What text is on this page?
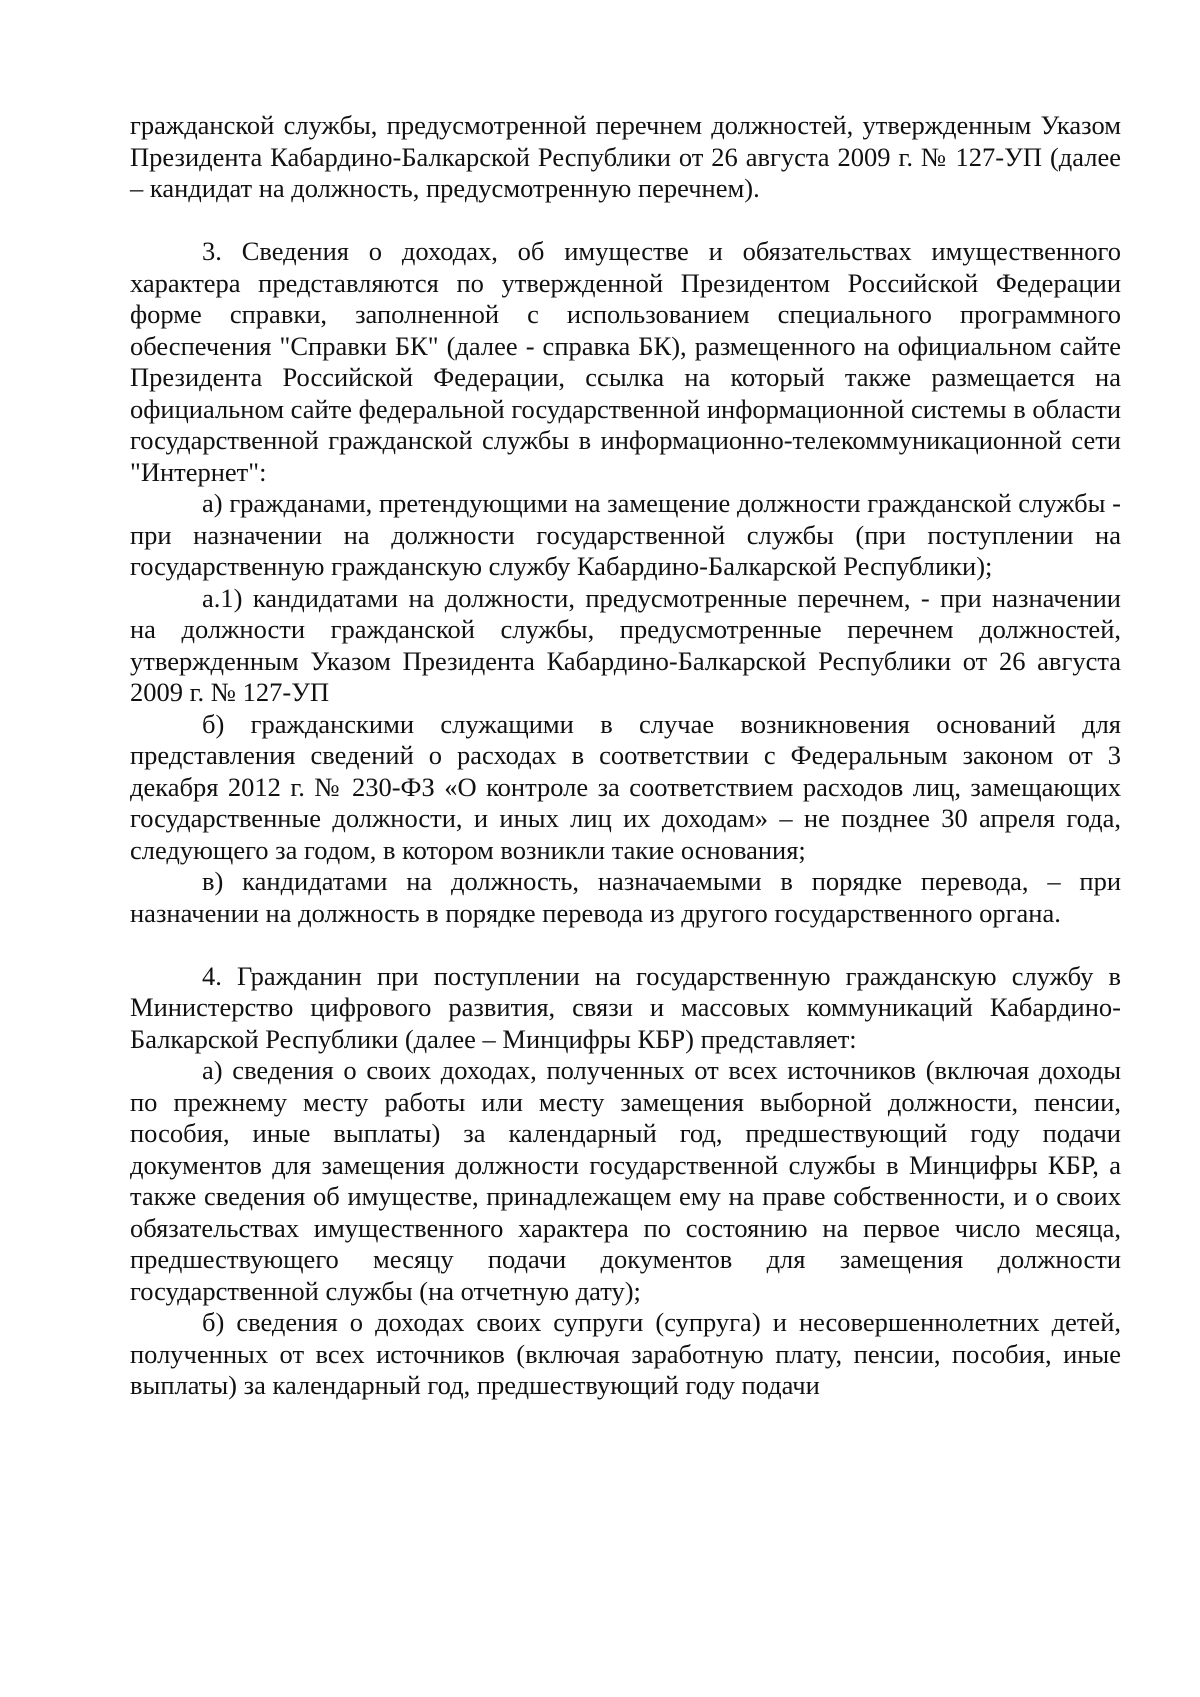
гражданской службы, предусмотренной перечнем должностей, утвержденным Указом Президента Кабардино-Балкарской Республики от 26 августа 2009 г. № 127-УП (далее – кандидат на должность, предусмотренную перечнем).

3. Сведения о доходах, об имуществе и обязательствах имущественного характера представляются по утвержденной Президентом Российской Федерации форме справки, заполненной с использованием специального программного обеспечения "Справки БК" (далее - справка БК), размещенного на официальном сайте Президента Российской Федерации, ссылка на который также размещается на официальном сайте федеральной государственной информационной системы в области государственной гражданской службы в информационно-телекоммуникационной сети "Интернет":

а) гражданами, претендующими на замещение должности гражданской службы - при назначении на должности государственной службы (при поступлении на государственную гражданскую службу Кабардино-Балкарской Республики);

а.1) кандидатами на должности, предусмотренные перечнем, - при назначении на должности гражданской службы, предусмотренные перечнем должностей, утвержденным Указом Президента Кабардино-Балкарской Республики от 26 августа 2009 г. № 127-УП

б) гражданскими служащими в случае возникновения оснований для представления сведений о расходах в соответствии с Федеральным законом от 3 декабря 2012 г. № 230-ФЗ «О контроле за соответствием расходов лиц, замещающих государственные должности, и иных лиц их доходам» – не позднее 30 апреля года, следующего за годом, в котором возникли такие основания;

в) кандидатами на должность, назначаемыми в порядке перевода, – при назначении на должность в порядке перевода из другого государственного органа.

4. Гражданин при поступлении на государственную гражданскую службу в Министерство цифрового развития, связи и массовых коммуникаций Кабардино-Балкарской Республики (далее – Минцифры КБР) представляет:

а) сведения о своих доходах, полученных от всех источников (включая доходы по прежнему месту работы или месту замещения выборной должности, пенсии, пособия, иные выплаты) за календарный год, предшествующий году подачи документов для замещения должности государственной службы в Минцифры КБР, а также сведения об имуществе, принадлежащем ему на праве собственности, и о своих обязательствах имущественного характера по состоянию на первое число месяца, предшествующего месяцу подачи документов для замещения должности государственной службы (на отчетную дату);

б) сведения о доходах своих супруги (супруга) и несовершеннолетних детей, полученных от всех источников (включая заработную плату, пенсии, пособия, иные выплаты) за календарный год, предшествующий году подачи
